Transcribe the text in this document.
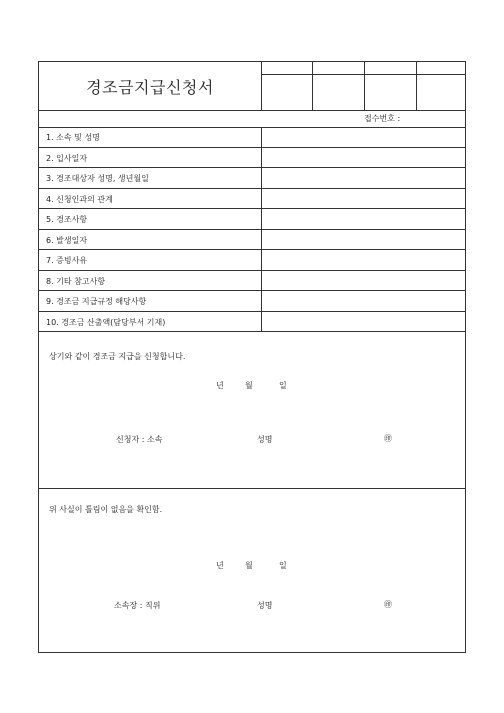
경조금지급신청서
접수번호 :
1. 소속 및 성명
2. 입사일자
3. 경조대상자 성명, 생년월일
4. 신청인과의 관계
5. 경조사항
6. 발생일자
7. 증빙사유
8. 기타 참고사항
9. 경조금 지급규정 해당사항
10. 경조금 산출액(담당부서 기재)
상기와 같이 경조금 지급을 신청합니다.
년	월	일
신청자 : 소속	성명	㊞
위 사실이 틀림이 없음을 확인함.
년	월	일
소속장 : 직위	성명	㊞
